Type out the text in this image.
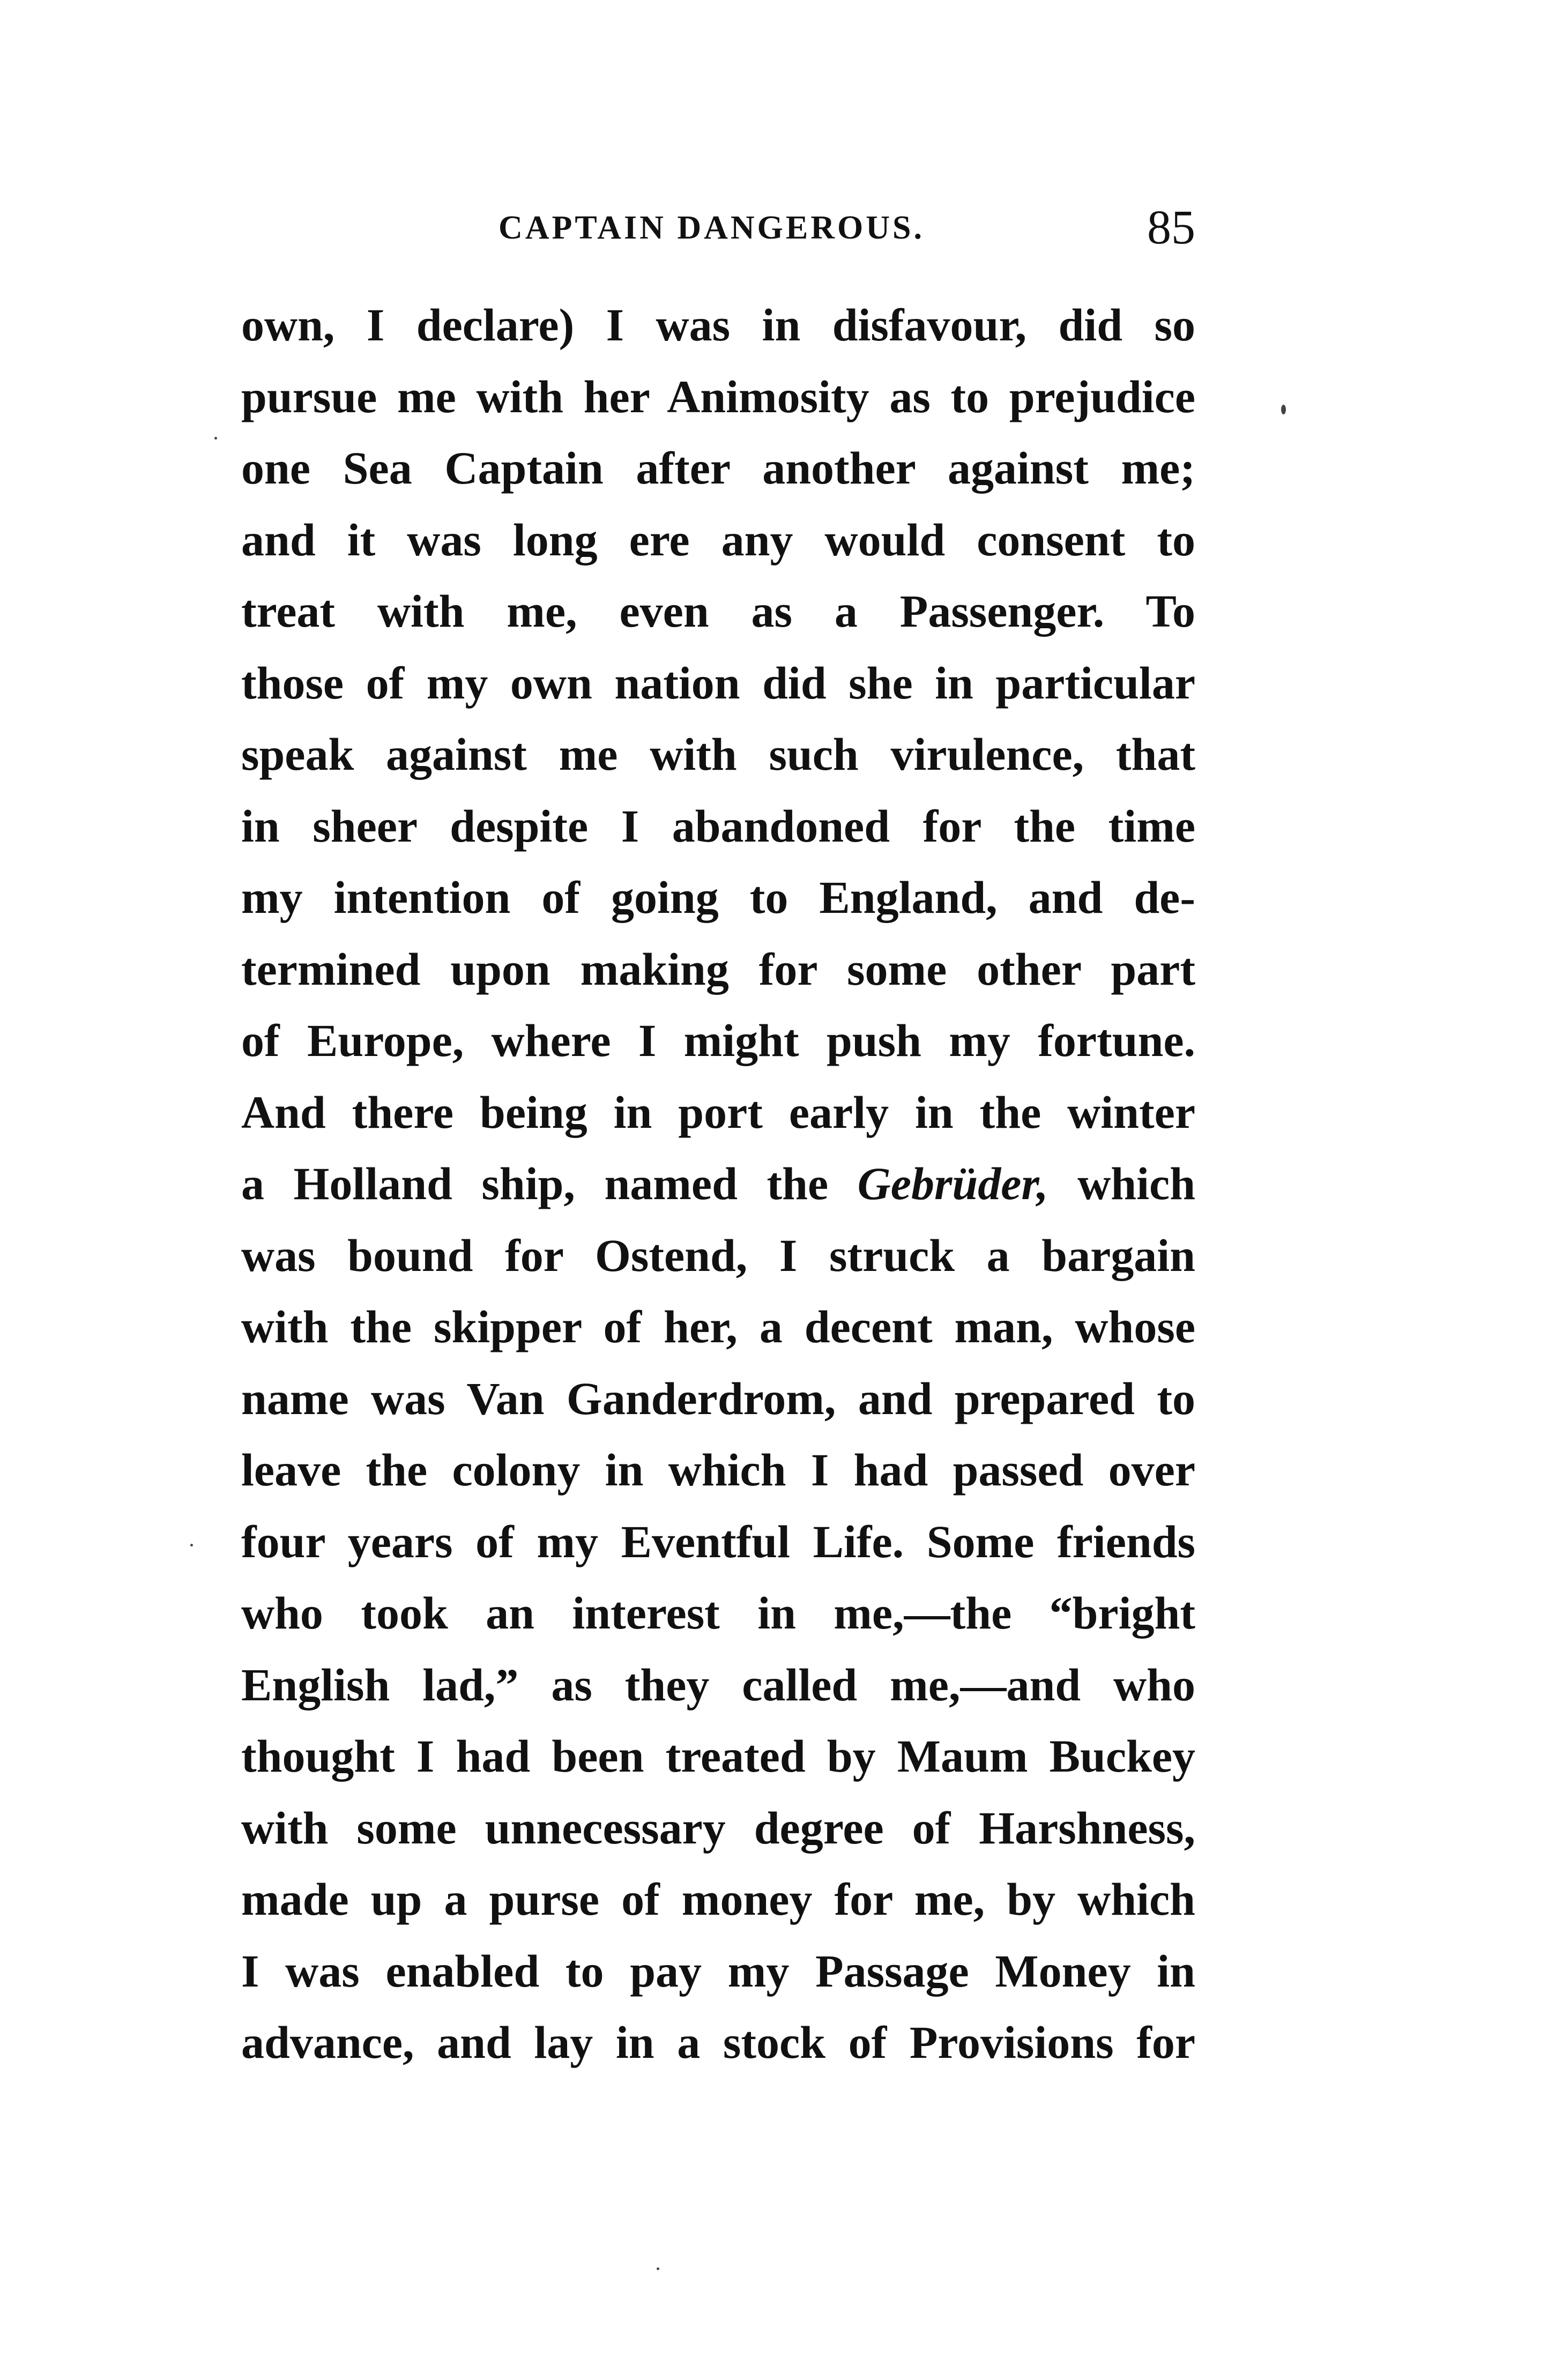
CAPTAIN DANGEROUS.	85
own, I declare) I was in disfavour, did so
pursue me with her Animosity as to prejudice
one Sea Captain after another against me;
and it was long ere any would consent to
treat with me, even as a Passenger. To
those of my own nation did she in particular
speak against me with such virulence, that
in sheer despite I abandoned for the time
my intention of going to England, and de-
termined upon making for some other part
of Europe, where I might push my fortune.
And there being in port early in the winter
a Holland ship, named the Gebrüder, which
was bound for Ostend, I struck a bargain
with the skipper of her, a decent man, whose
name was Van Ganderdrom, and prepared to
leave the colony in which I had passed over
four years of my Eventful Life. Some friends
who took an interest in me,—the “bright
English lad,” as they called me,—and who
thought I had been treated by Maum Buckey
with some unnecessary degree of Harshness,
made up a purse of money for me, by which
I was enabled to pay my Passage Money in
advance, and lay in a stock of Provisions for
